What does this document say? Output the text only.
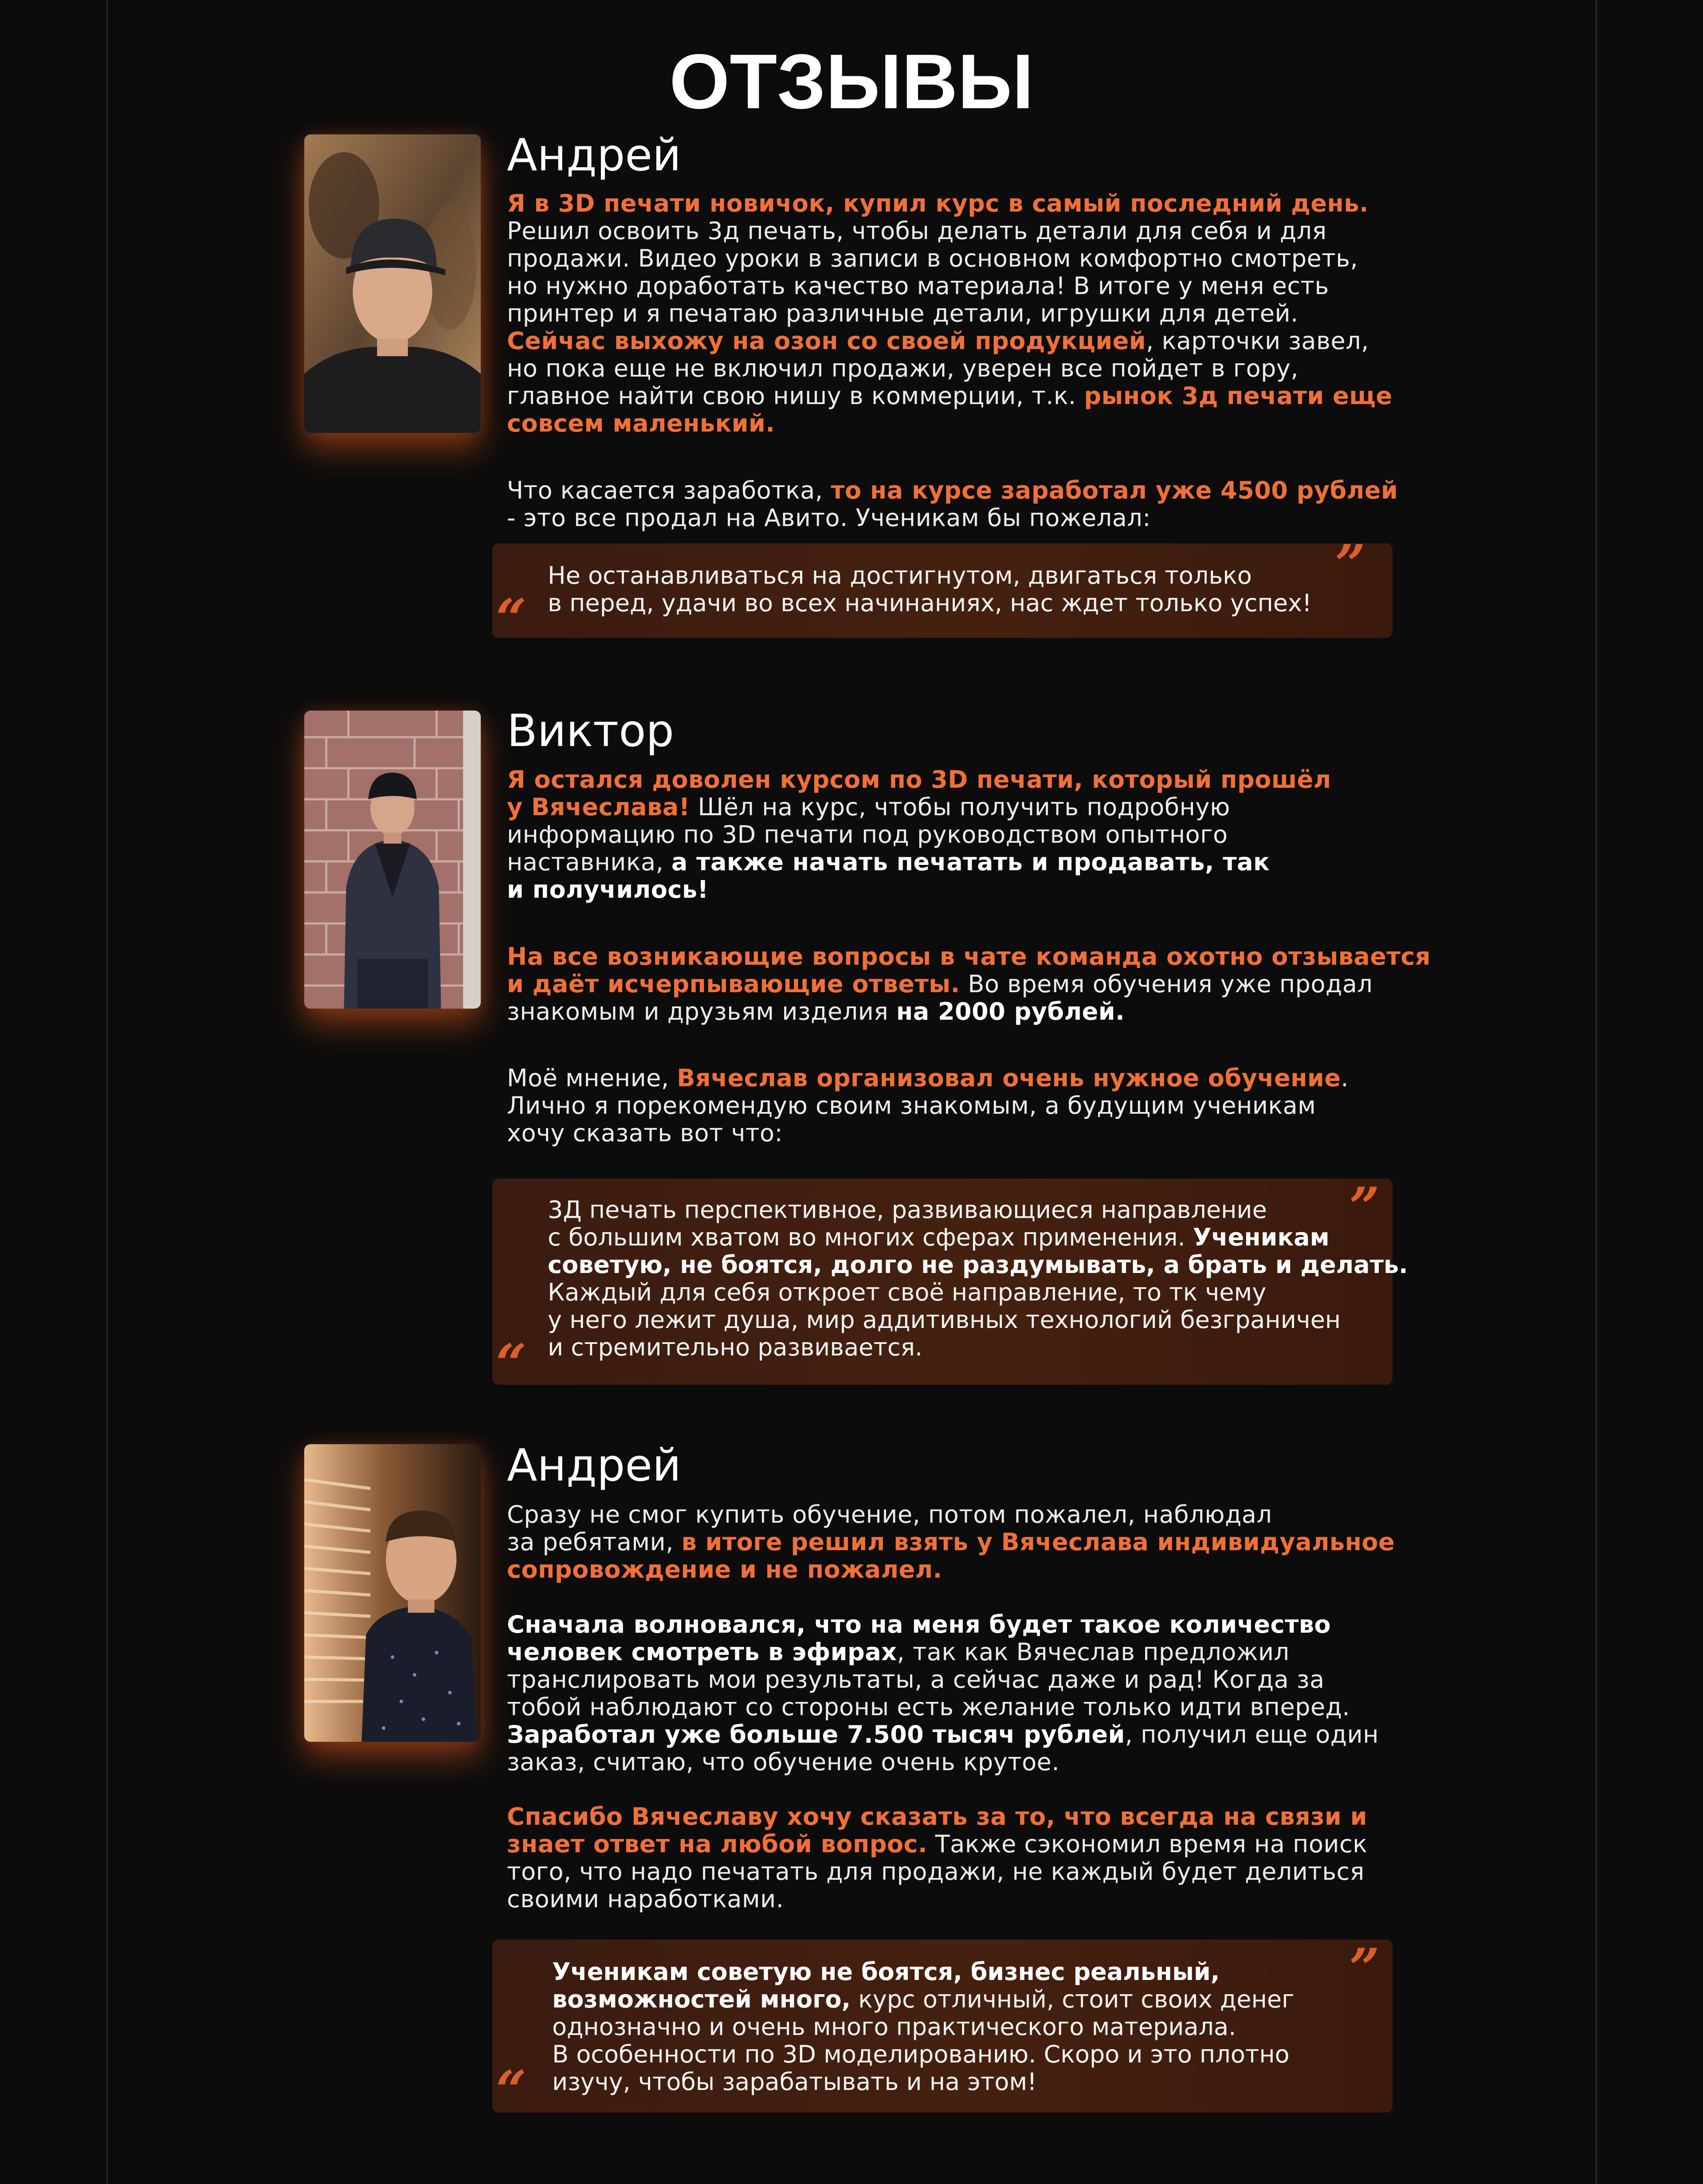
ОТЗЫВЫ
Андрей

Я в 3D печати новичок, купил курс в самый последний день.
Решил освоить 3д печать, чтобы делать детали для себя и для
продажи. Видео уроки в записи в основном комфортно смотреть,
но нужно доработать качество материала! В итоге у меня есть
принтер и я печатаю различные детали, игрушки для детей.
Сейчас выхожу на озон со своей продукцией, карточки завел,
но пока еще не включил продажи, уверен все пойдет в гору,
главное найти свою нишу в коммерции, т.к. рынок 3д печати еще
совсем маленький.

Что касается заработка, то на курсе заработал уже 4500 рублей
- это все продал на Авито. Ученикам бы пожелал:

“
”

Не останавливаться на достигнутом, двигаться только
в перед, удачи во всех начинаниях, нас ждет только успех!

Виктор

Я остался доволен курсом по 3D печати, который прошёл
у Вячеслава! Шёл на курс, чтобы получить подробную
информацию по 3D печати под руководством опытного
наставника, а также начать печатать и продавать, так
и получилось!

На все возникающие вопросы в чате команда охотно отзывается
и даёт исчерпывающие ответы. Во время обучения уже продал
знакомым и друзьям изделия на 2000 рублей.

Моё мнение, Вячеслав организовал очень нужное обучение.
Лично я порекомендую своим знакомым, а будущим ученикам
хочу сказать вот что:

“
”

3Д печать перспективное, развивающиеся направление
с большим хватом во многих сферах применения. Ученикам
советую, не боятся, долго не раздумывать, а брать и делать.
Каждый для себя откроет своё направление, то тк чему
у него лежит душа, мир аддитивных технологий безграничен
и стремительно развивается.

Андрей

Сразу не смог купить обучение, потом пожалел, наблюдал
за ребятами, в итоге решил взять у Вячеслава индивидуальное
сопровождение и не пожалел.

Сначала волновался, что на меня будет такое количество
человек смотреть в эфирах, так как Вячеслав предложил
транслировать мои результаты, а сейчас даже и рад! Когда за
тобой наблюдают со стороны есть желание только идти вперед.
Заработал уже больше 7.500 тысяч рублей, получил еще один
заказ, считаю, что обучение очень крутое.

Спасибо Вячеславу хочу сказать за то, что всегда на связи и
знает ответ на любой вопрос. Также сэкономил время на поиск
того, что надо печатать для продажи, не каждый будет делиться
своими наработками.

“
”

Ученикам советую не боятся, бизнес реальный,
возможностей много, курс отличный, стоит своих денег
однозначно и очень много практического материала.
В особенности по 3D моделированию. Скоро и это плотно
изучу, чтобы зарабатывать и на этом!
